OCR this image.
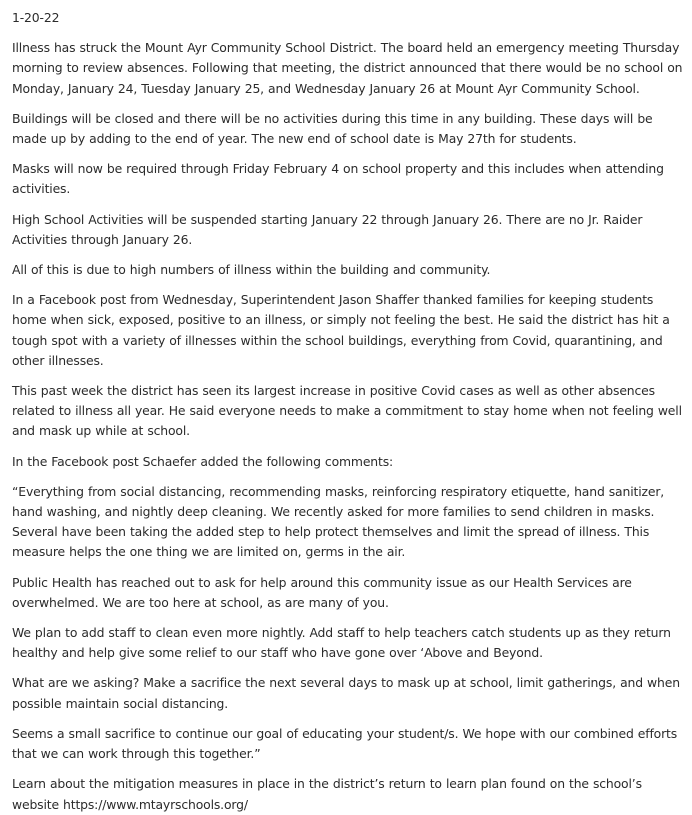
1-20-22

Illness has struck the Mount Ayr Community School District. The board held an emergency meeting Thursday morning to review absences. Following that meeting, the district announced that there would be no school on Monday, January 24, Tuesday January 25, and Wednesday January 26 at Mount Ayr Community School.

Buildings will be closed and there will be no activities during this time in any building. These days will be made up by adding to the end of year. The new end of school date is May 27th for students.

Masks will now be required through Friday February 4 on school property and this includes when attending activities.

High School Activities will be suspended starting January 22 through January 26. There are no Jr. Raider Activities through January 26.

All of this is due to high numbers of illness within the building and community.

In a Facebook post from Wednesday, Superintendent Jason Shaffer thanked families for keeping students home when sick, exposed, positive to an illness, or simply not feeling the best. He said the district has hit a tough spot with a variety of illnesses within the school buildings, everything from Covid, quarantining, and other illnesses.

This past week the district has seen its largest increase in positive Covid cases as well as other absences related to illness all year. He said everyone needs to make a commitment to stay home when not feeling well and mask up while at school.

In the Facebook post Schaefer added the following comments:

“Everything from social distancing, recommending masks, reinforcing respiratory etiquette, hand sanitizer, hand washing, and nightly deep cleaning. We recently asked for more families to send children in masks. Several have been taking the added step to help protect themselves and limit the spread of illness. This measure helps the one thing we are limited on, germs in the air.

Public Health has reached out to ask for help around this community issue as our Health Services are overwhelmed. We are too here at school, as are many of you.

We plan to add staff to clean even more nightly. Add staff to help teachers catch students up as they return healthy and help give some relief to our staff who have gone over ‘Above and Beyond.

What are we asking? Make a sacrifice the next several days to mask up at school, limit gatherings, and when possible maintain social distancing.

Seems a small sacrifice to continue our goal of educating your student/s. We hope with our combined efforts that we can work through this together.”

Learn about the mitigation measures in place in the district’s return to learn plan found on the school’s website https://www.mtayrschools.org/
